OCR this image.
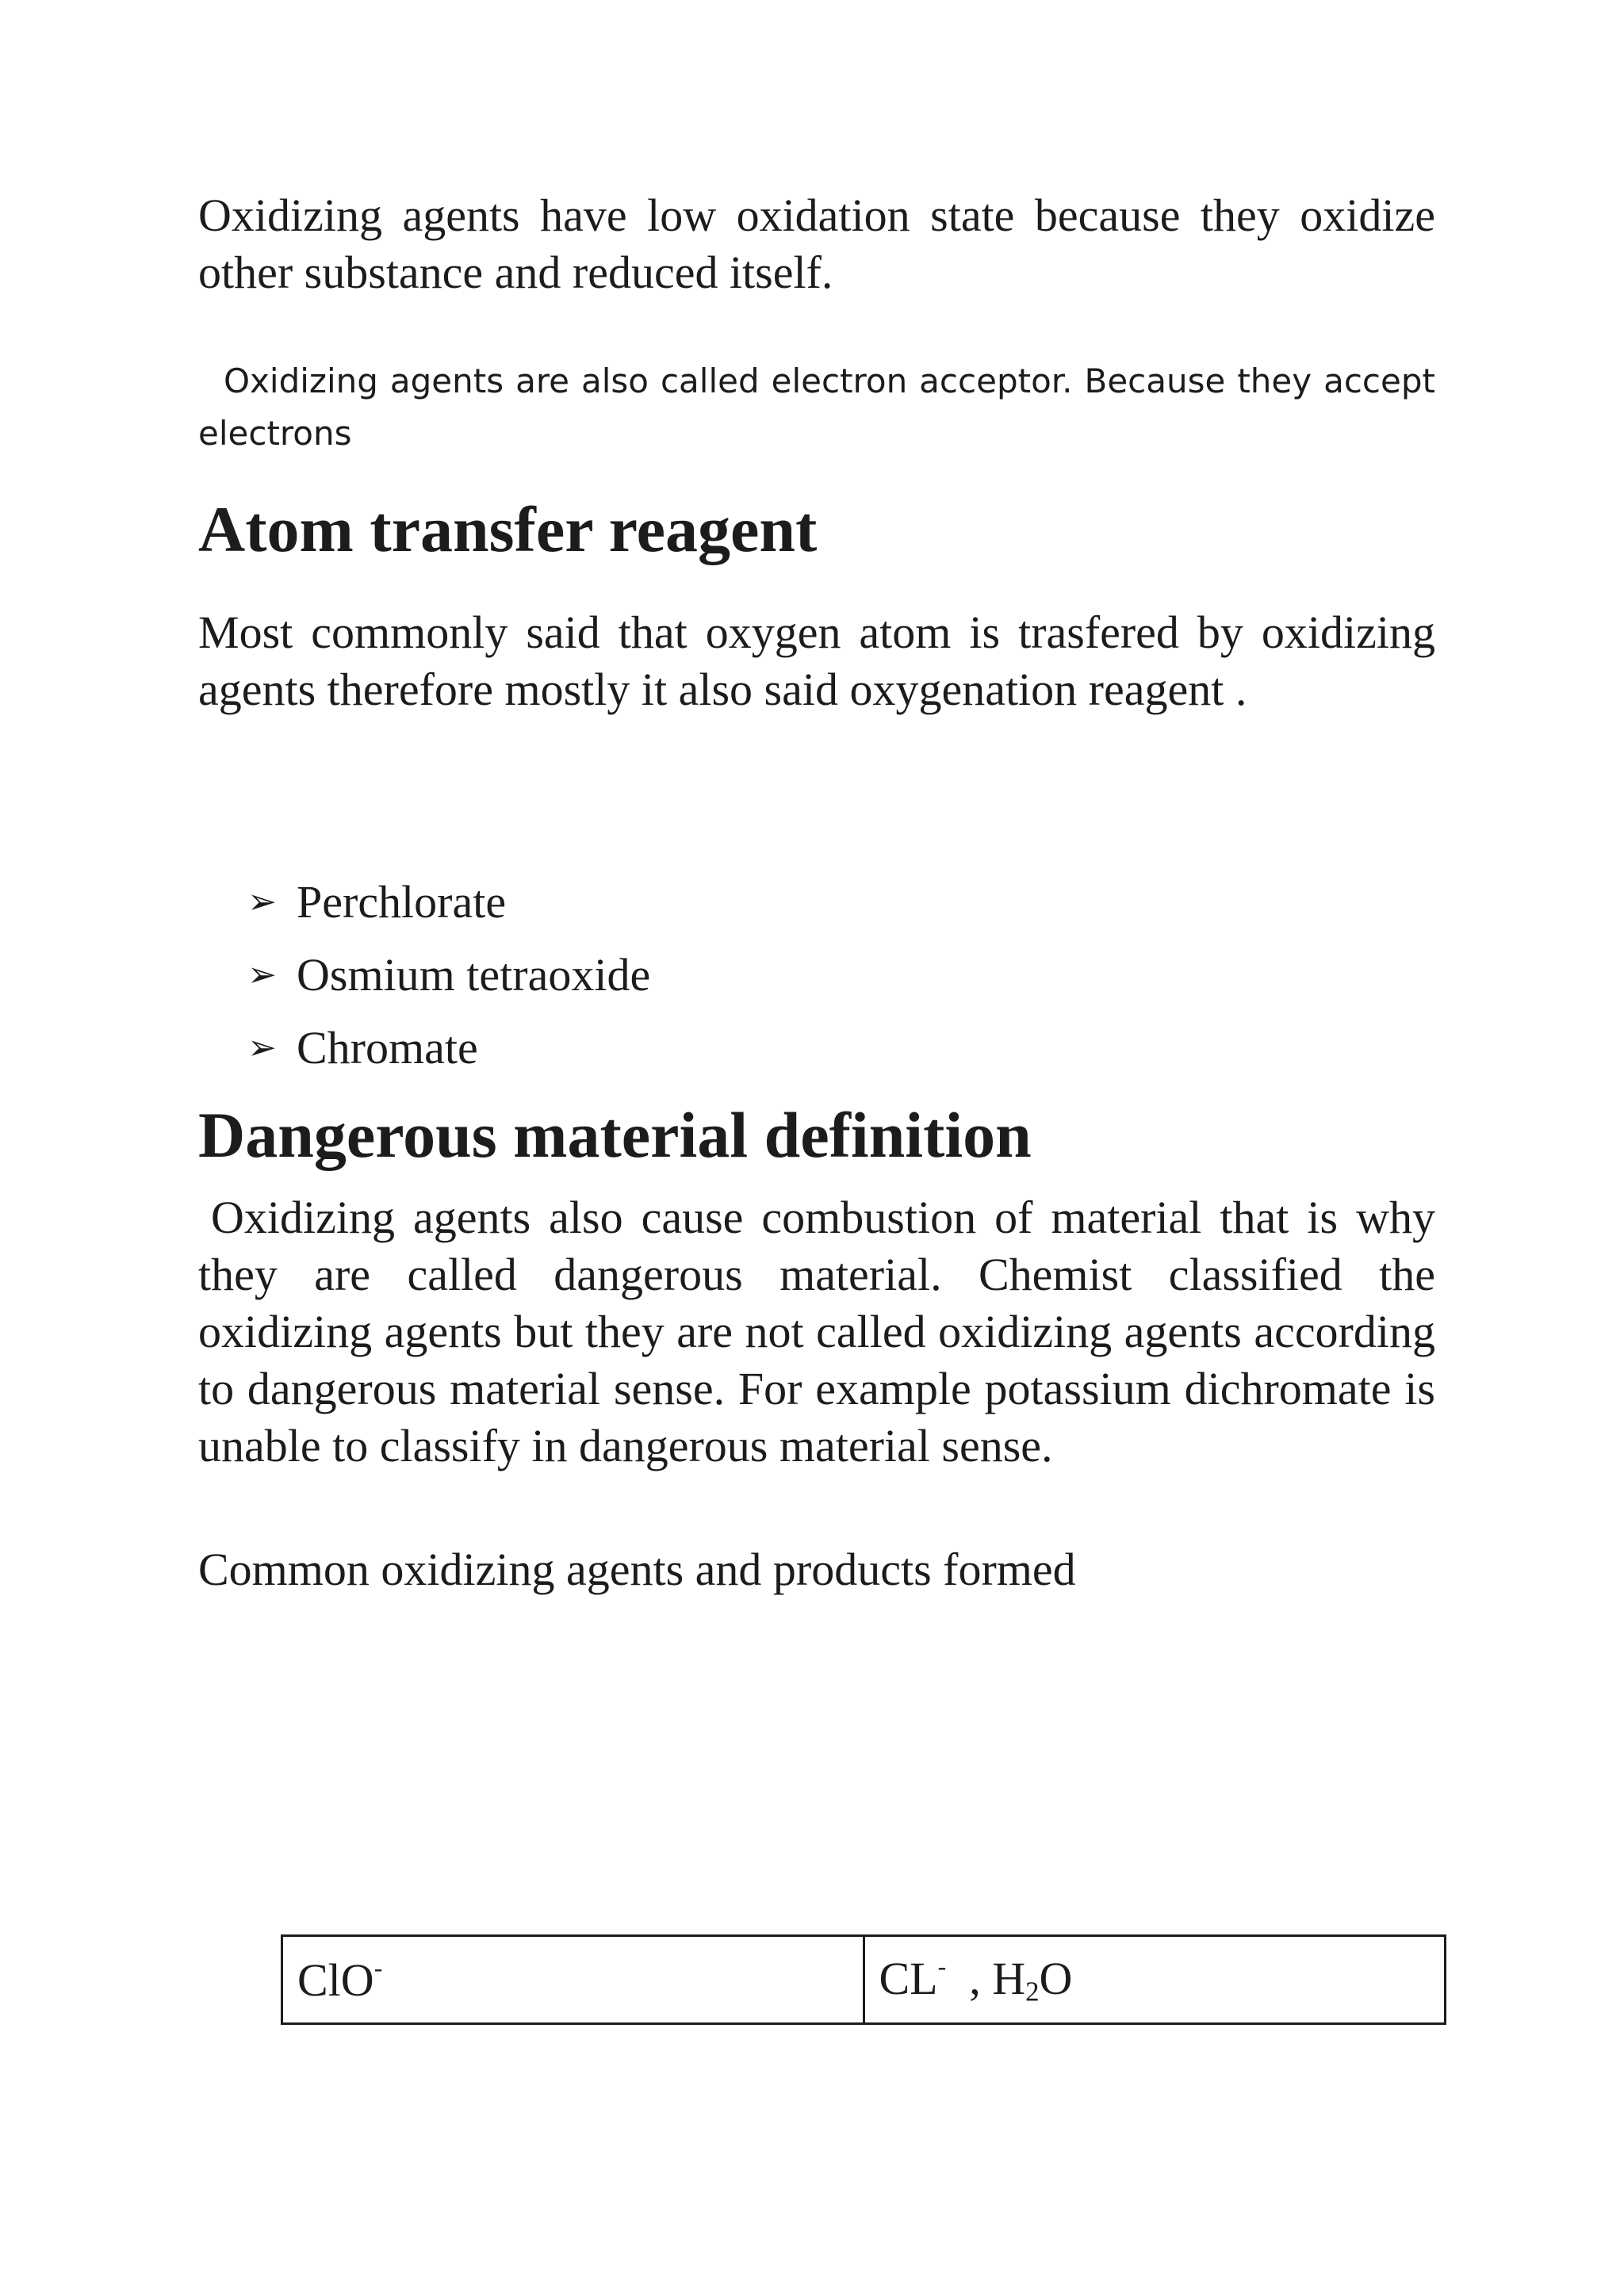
Oxidizing agents have low oxidation state because they oxidize other substance and reduced itself.

Oxidizing agents are also called electron acceptor. Because they accept electrons

Atom transfer reagent

Most commonly said that oxygen atom is trasfered by oxidizing agents therefore mostly it also said oxygenation reagent .

➢ Perchlorate
➢ Osmium tetraoxide
➢ Chromate
Dangerous material definition

Oxidizing agents also cause combustion of material that is why they are called dangerous material. Chemist classified the oxidizing agents but they are not called oxidizing agents according to dangerous material sense. For example potassium dichromate is unable to classify in dangerous material sense.

Common oxidizing agents and products formed

ClO-	CL-  , $H_2O$
